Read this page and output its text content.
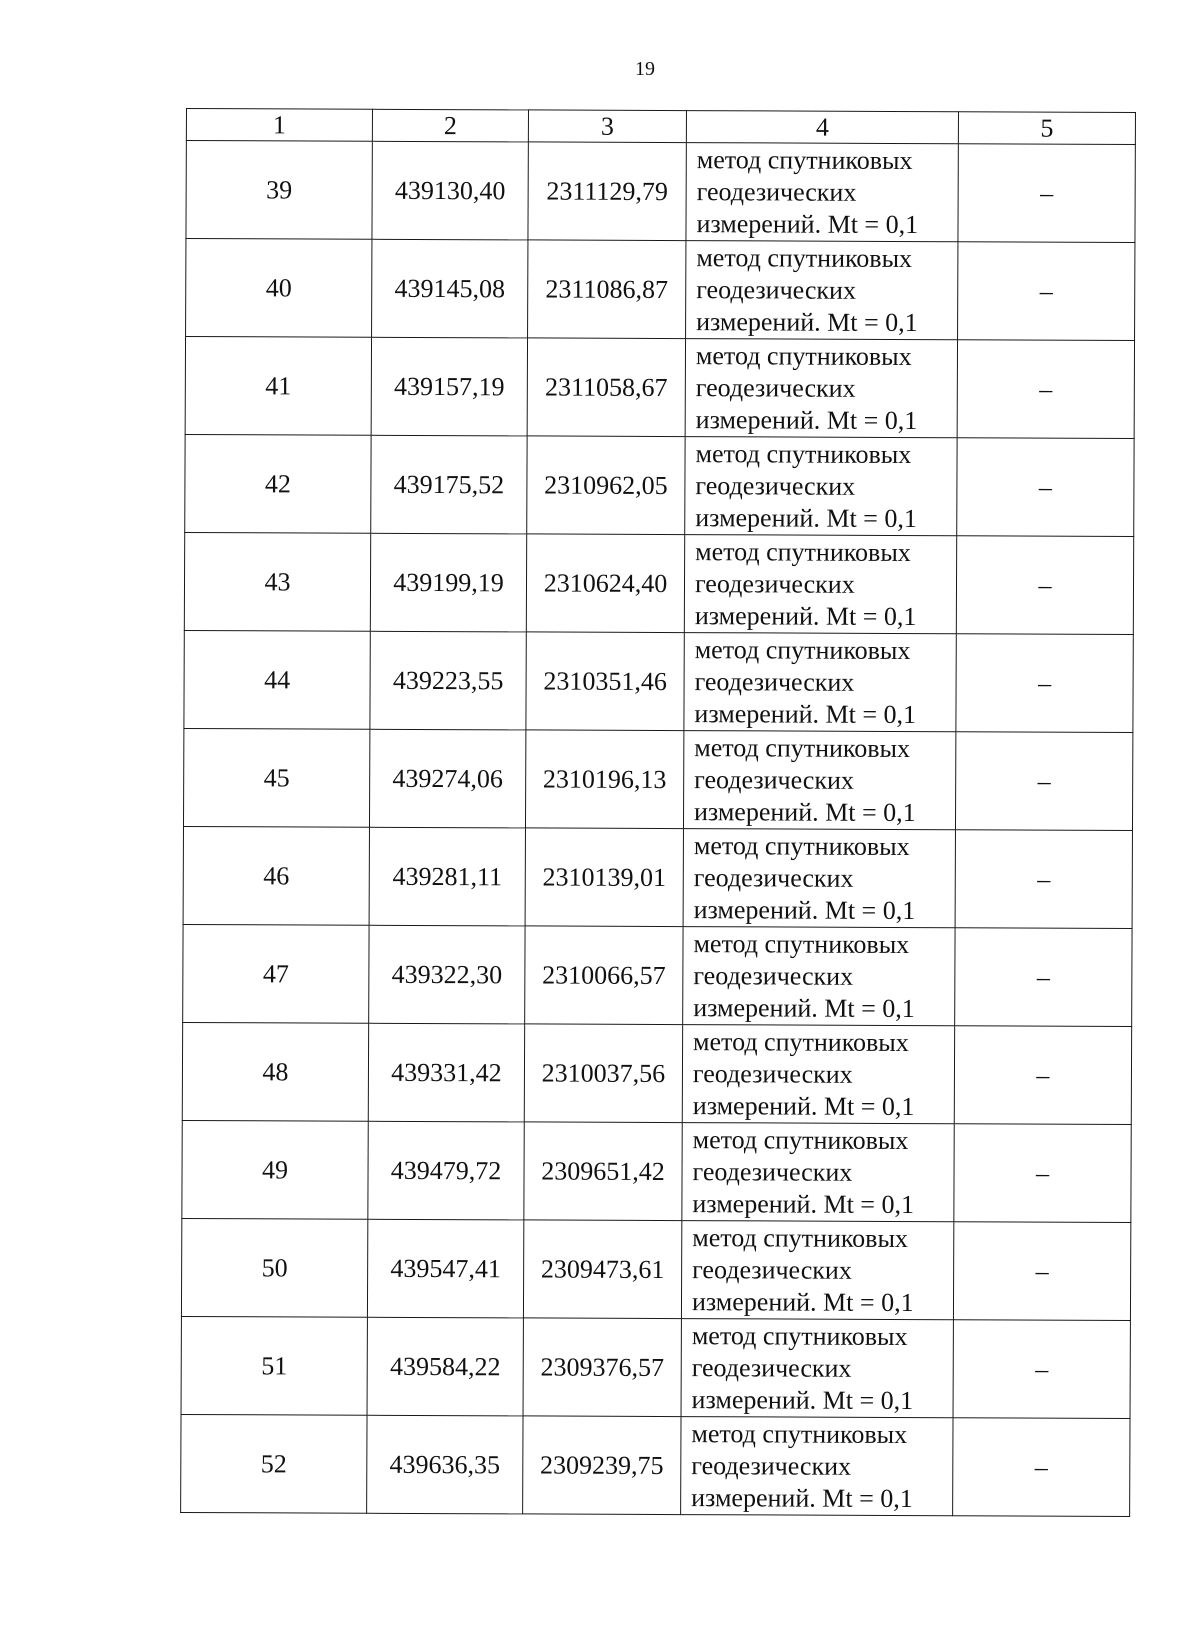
19
1	2	3	4	5
39	439130,40	2311129,79	метод спутниковых
геодезических
измерений. Mt = 0,1	–
40	439145,08	2311086,87	метод спутниковых
геодезических
измерений. Mt = 0,1	–
41	439157,19	2311058,67	метод спутниковых
геодезических
измерений. Mt = 0,1	–
42	439175,52	2310962,05	метод спутниковых
геодезических
измерений. Mt = 0,1	–
43	439199,19	2310624,40	метод спутниковых
геодезических
измерений. Mt = 0,1	–
44	439223,55	2310351,46	метод спутниковых
геодезических
измерений. Mt = 0,1	–
45	439274,06	2310196,13	метод спутниковых
геодезических
измерений. Mt = 0,1	–
46	439281,11	2310139,01	метод спутниковых
геодезических
измерений. Mt = 0,1	–
47	439322,30	2310066,57	метод спутниковых
геодезических
измерений. Mt = 0,1	–
48	439331,42	2310037,56	метод спутниковых
геодезических
измерений. Mt = 0,1	–
49	439479,72	2309651,42	метод спутниковых
геодезических
измерений. Mt = 0,1	–
50	439547,41	2309473,61	метод спутниковых
геодезических
измерений. Mt = 0,1	–
51	439584,22	2309376,57	метод спутниковых
геодезических
измерений. Mt = 0,1	–
52	439636,35	2309239,75	метод спутниковых
геодезических
измерений. Mt = 0,1	–
